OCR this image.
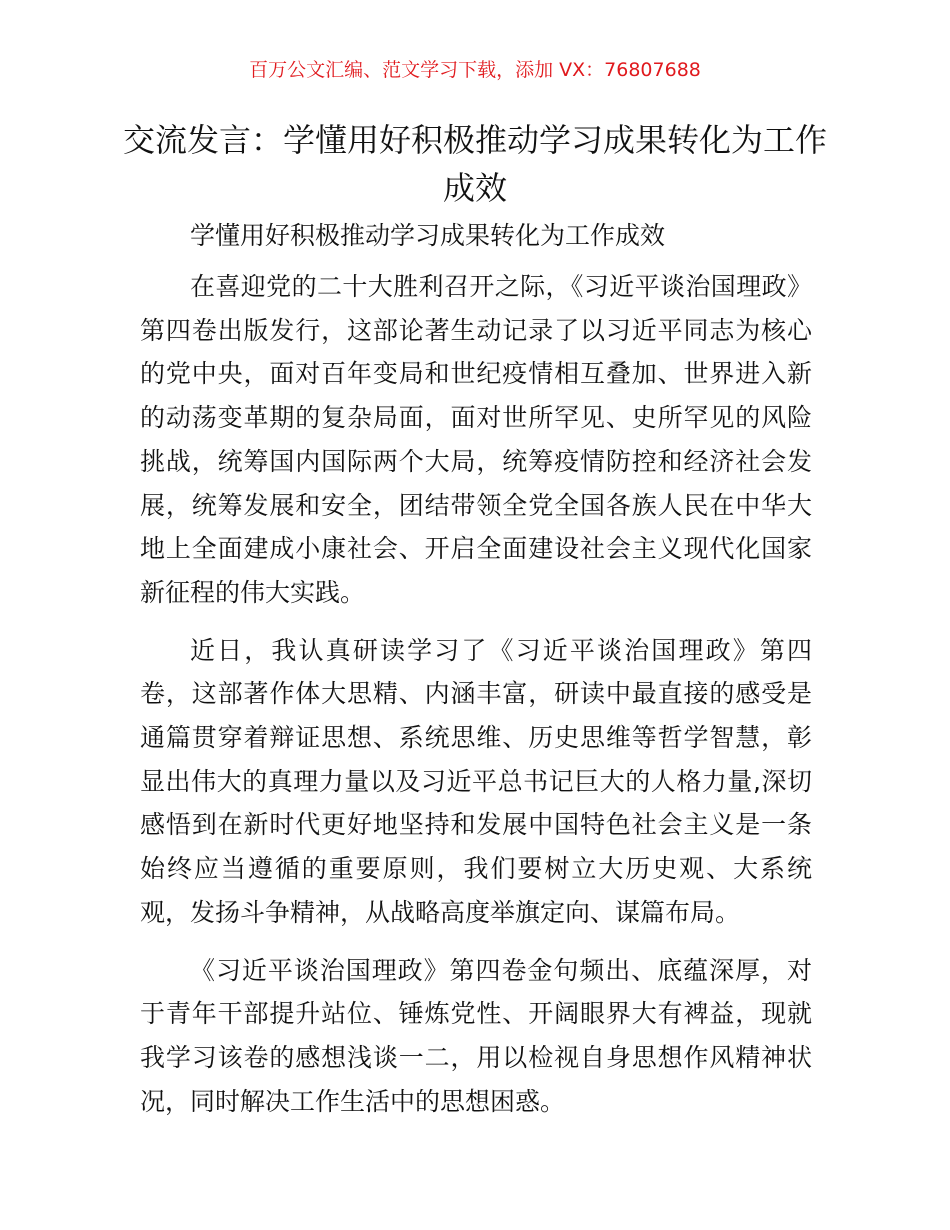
百万公文汇编、范文学习下载，添加 VX：76807688
交流发言：学懂用好积极推动学习成果转化为工作成效

学懂用好积极推动学习成果转化为工作成效

在喜迎党的二十大胜利召开之际，《习近平谈治国理政》第四卷出版发行，这部论著生动记录了以习近平同志为核心的党中央，面对百年变局和世纪疫情相互叠加、世界进入新的动荡变革期的复杂局面，面对世所罕见、史所罕见的风险挑战，统筹国内国际两个大局，统筹疫情防控和经济社会发展，统筹发展和安全，团结带领全党全国各族人民在中华大地上全面建成小康社会、开启全面建设社会主义现代化国家新征程的伟大实践。

近日，我认真研读学习了《习近平谈治国理政》第四卷，这部著作体大思精、内涵丰富，研读中最直接的感受是通篇贯穿着辩证思想、系统思维、历史思维等哲学智慧，彰显出伟大的真理力量以及习近平总书记巨大的人格力量,深切感悟到在新时代更好地坚持和发展中国特色社会主义是一条始终应当遵循的重要原则，我们要树立大历史观、大系统观，发扬斗争精神，从战略高度举旗定向、谋篇布局。

《习近平谈治国理政》第四卷金句频出、底蕴深厚，对于青年干部提升站位、锤炼党性、开阔眼界大有裨益，现就我学习该卷的感想浅谈一二，用以检视自身思想作风精神状况，同时解决工作生活中的思想困惑。
